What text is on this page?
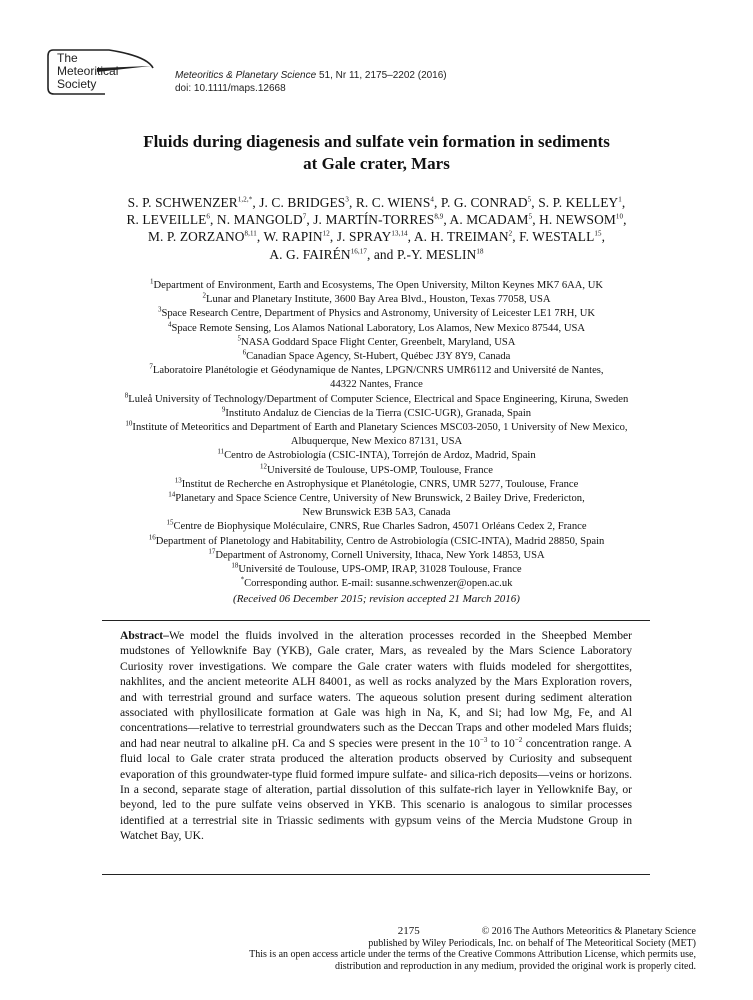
The
Meteoritical
Society
Meteoritics & Planetary Science 51, Nr 11, 2175–2202 (2016)
doi: 10.1111/maps.12668
Fluids during diagenesis and sulfate vein formation in sediments
at Gale crater, Mars
S. P. $SCHWENZER^{1,2,*}$, J. C. BRIDGES$^3$, R. C. WIENS$^4$, P. G. CONRAD$^5$, S. P. KELLEY$^1$,
R. LEVEILLE$^6$, N. MANGOLD$^7$, J. MARTÍN-TORRES$^{8,9}$, A. MCADAM$^5$, H. NEWSOM$^{10}$,
M. P. ZORZANO$^{8,11}$, W. RAPIN$^{12}$, J. SPRAY$^{13,14}$, A. H. TREIMAN$^2$, F. WESTALL$^{15}$,
A. G. FAIRÉN$^{16,17}$, and P.-Y. MESLIN$^{18}$
$^1$Department of Environment, Earth and Ecosystems, The Open University, Milton Keynes MK7 6AA, UK
$^2$Lunar and Planetary Institute, 3600 Bay Area Blvd., Houston, Texas 77058, USA
$^3$Space Research Centre, Department of Physics and Astronomy, University of Leicester LE1 7RH, UK
$^4$Space Remote Sensing, Los Alamos National Laboratory, Los Alamos, New Mexico 87544, USA
$^5$NASA Goddard Space Flight Center, Greenbelt, Maryland, USA
$^6$Canadian Space Agency, St-Hubert, Québec J3Y 8Y9, Canada
$^7$Laboratoire Planétologie et Géodynamique de Nantes, LPGN/CNRS UMR6112 and Université de Nantes,
44322 Nantes, France
$^8$Luleå University of Technology/Department of Computer Science, Electrical and Space Engineering, Kiruna, Sweden
$^9$Instituto Andaluz de Ciencias de la Tierra (CSIC-UGR), Granada, Spain
$^{10}$Institute of Meteoritics and Department of Earth and Planetary Sciences MSC03-2050, 1 University of New Mexico,
Albuquerque, New Mexico 87131, USA
$^{11}$Centro de Astrobiología (CSIC-INTA), Torrejón de Ardoz, Madrid, Spain
$^{12}$Université de Toulouse, UPS-OMP, Toulouse, France
$^{13}$Institut de Recherche en Astrophysique et Planétologie, CNRS, UMR 5277, Toulouse, France
$^{14}$Planetary and Space Science Centre, University of New Brunswick, 2 Bailey Drive, Fredericton,
New Brunswick E3B 5A3, Canada
$^{15}$Centre de Biophysique Moléculaire, CNRS, Rue Charles Sadron, 45071 Orléans Cedex 2, France
$^{16}$Department of Planetology and Habitability, Centro de Astrobiología (CSIC-INTA), Madrid 28850, Spain
$^{17}$Department of Astronomy, Cornell University, Ithaca, New York 14853, USA
$^{18}$Université de Toulouse, UPS-OMP, IRAP, 31028 Toulouse, France
*Corresponding author. E-mail: susanne.schwenzer@open.ac.uk
(Received 06 December 2015; revision accepted 21 March 2016)
Abstract–We model the fluids involved in the alteration processes recorded in the Sheepbed Member mudstones of Yellowknife Bay (YKB), Gale crater, Mars, as revealed by the Mars Science Laboratory Curiosity rover investigations. We compare the Gale crater waters with fluids modeled for shergottites, nakhlites, and the ancient meteorite ALH 84001, as well as rocks analyzed by the Mars Exploration rovers, and with terrestrial ground and surface waters. The aqueous solution present during sediment alteration associated with phyllosilicate formation at Gale was high in Na, K, and Si; had low Mg, Fe, and Al concentrations—relative to terrestrial groundwaters such as the Deccan Traps and other modeled Mars fluids; and had near neutral to alkaline pH. Ca and S species were present in the $10^{-3}$ to $10^{-2}$ concentration range. A fluid local to Gale crater strata produced the alteration products observed by Curiosity and subsequent evaporation of this groundwater-type fluid formed impure sulfate- and silica-rich deposits—veins or horizons. In a second, separate stage of alteration, partial dissolution of this sulfate-rich layer in Yellowknife Bay, or beyond, led to the pure sulfate veins observed in YKB. This scenario is analogous to similar processes identified at a terrestrial site in Triassic sediments with gypsum veins of the Mercia Mudstone Group in Watchet Bay, UK.
2175	© 2016 The Authors Meteoritics & Planetary Science
published by Wiley Periodicals, Inc. on behalf of The Meteoritical Society (MET)
This is an open access article under the terms of the Creative Commons Attribution License, which permits use,
distribution and reproduction in any medium, provided the original work is properly cited.
